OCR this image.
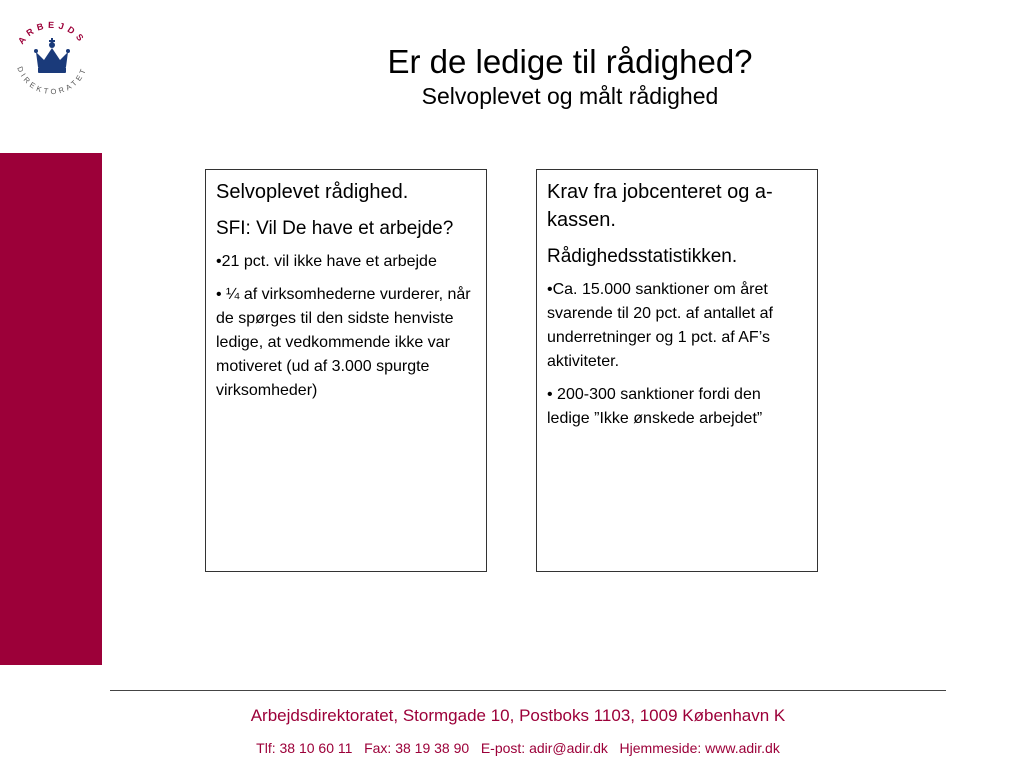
ARBEJDS
DIREKTORATET	Er de ledige til rådighed?

Selvoplevet og målt rådighed

Selvoplevet rådighed.

SFI: Vil De have et arbejde?

•21 pct. vil ikke have et arbejde

• ¼ af virksomhederne vurderer, når de spørges til den sidste henviste ledige, at vedkommende ikke var motiveret (ud af 3.000 spurgte virksomheder)

Krav fra jobcenteret og a-kassen.

Rådighedsstatistikken.

•Ca. 15.000 sanktioner om året svarende til 20 pct. af antallet af underretninger og 1 pct. af AF’s aktiviteter.

• 200-300 sanktioner fordi den ledige ”Ikke ønskede arbejdet”

Arbejdsdirektoratet, Stormgade 10, Postboks 1103, 1009 København K
Tlf: 38 10 60 11   Fax: 38 19 38 90   E-post: adir@adir.dk   Hjemmeside: www.adir.dk
